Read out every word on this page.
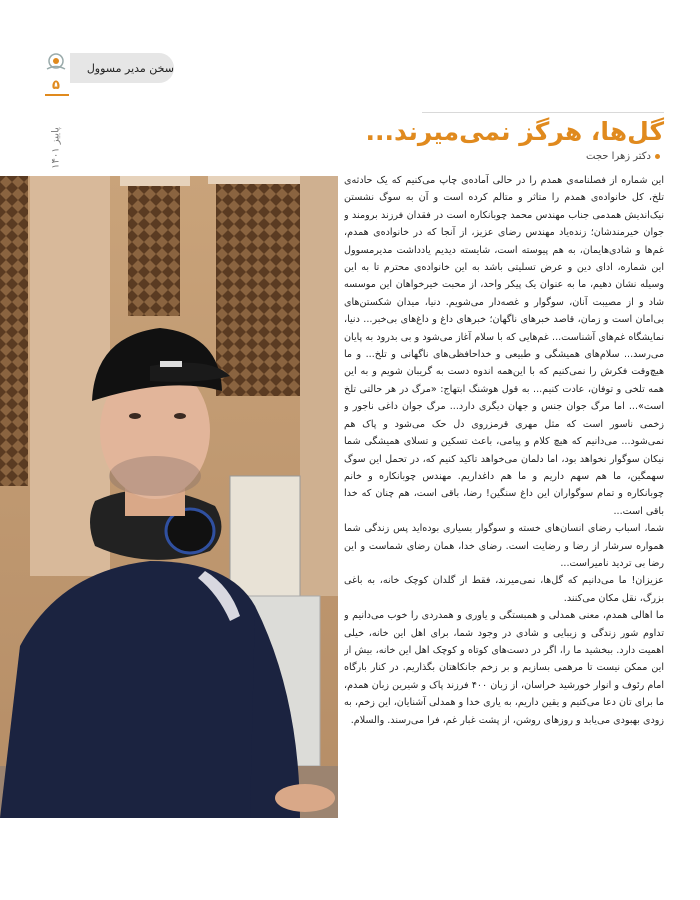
سخن مدیر مسوول
۵
پاییز ۱۴۰۱	گل‌ها، هرگز نمی‌میرند...
دکتر زهرا حجت

این شماره از فصلنامه‌ی همدم را در حالی آماده‌ی چاپ می‌کنیم که یک حادثه‌ی تلخ، کل خانواده‌ی همدم را متاثر و متالم کرده است و آن به سوگ نشستن نیک‌اندیش همدمی جناب مهندس محمد چوبانکاره است در فقدان فرزند برومند و جوان خیرمندشان؛ زنده‌یاد مهندس رضای عزیز، از آنجا که در خانواده‌ی همدم، غم‌ها و شادی‌هایمان، به هم پیوسته است، شایسته دیدیم یادداشت مدیرمسوول این شماره، ادای دین و عرض تسلیتی باشد به این خانواده‌ی محترم تا به این وسیله نشان دهیم، ما به عنوان یک پیکر واحد، از محبت خیرخواهان این موسسه شاد و از مصیبت آنان، سوگوار و غصه‌دار می‌شویم. دنیا، میدان شکستن‌های بی‌امان است و زمان، قاصد خبرهای ناگهان؛ خبرهای داغ و داغ‌های بی‌خبر... دنیا، نمایشگاه غم‌های آشناست... غم‌هایی که با سلام آغاز می‌شود و بی بدرود به پایان می‌رسد... سلام‌های همیشگی و طبیعی و خداحافظی‌های ناگهانی و تلخ... و ما هیچ‌وقت فکرش را نمی‌کنیم که با این‌همه اندوه دست به گریبان شویم و به این همه تلخی و توفان، عادت کنیم... به قول هوشنگ ابتهاج: «مرگ در هر حالتی تلخ است»... اما مرگ جوان جنس و جهان دیگری دارد... مرگ جوان داغی ناجور و زخمی ناسور است که مثل مهری قرمزروی دل حک می‌شود و پاک هم نمی‌شود... می‌دانیم که هیچ کلام و پیامی، باعث تسکین و تسلای همیشگی شما نیکان سوگوار نخواهد بود، اما دلمان می‌خواهد تاکید کنیم که، در تحمل این سوگ سهمگین، ما هم سهم داریم و ما هم داغداریم. مهندس چوبانکاره و خانم چوبانکاره و تمام سوگواران این داغ سنگین! رضا، باقی است، هم چنان که خدا باقی است...

شما، اسباب رضای انسان‌های خسته و سوگوار بسیاری بوده‌اید پس زندگی شما همواره سرشار از رضا و رضایت است. رضای خدا، همان رضای شماست و این رضا بی تردید نامیراست...

عزیزان! ما می‌دانیم که گل‌ها، نمی‌میرند، فقط از گلدان کوچک خانه، به باغی بزرگ، نقل مکان می‌کنند.

ما اهالی همدم، معنی همدلی و همبستگی و یاوری و همدردی را خوب می‌دانیم و تداوم شور زندگی و زیبایی و شادی در وجود شما، برای اهل این خانه، خیلی اهمیت دارد. ببخشید ما را، اگر در دست‌های کوتاه و کوچک اهل این خانه، بیش از این ممکن نیست تا مرهمی بسازیم و بر زخم جانکاهتان بگذاریم. در کنار بارگاه امام رئوف و انوار خورشید خراسان، از زبان ۴۰۰ فرزند پاک و شیرین زبان همدم، ما برای تان دعا می‌کنیم و یقین داریم، به یاری خدا و همدلی آشنایان، این زخم، به زودی بهبودی می‌یابد و روزهای روشن، از پشت غبار غم، فرا می‌رسند. والسلام.
